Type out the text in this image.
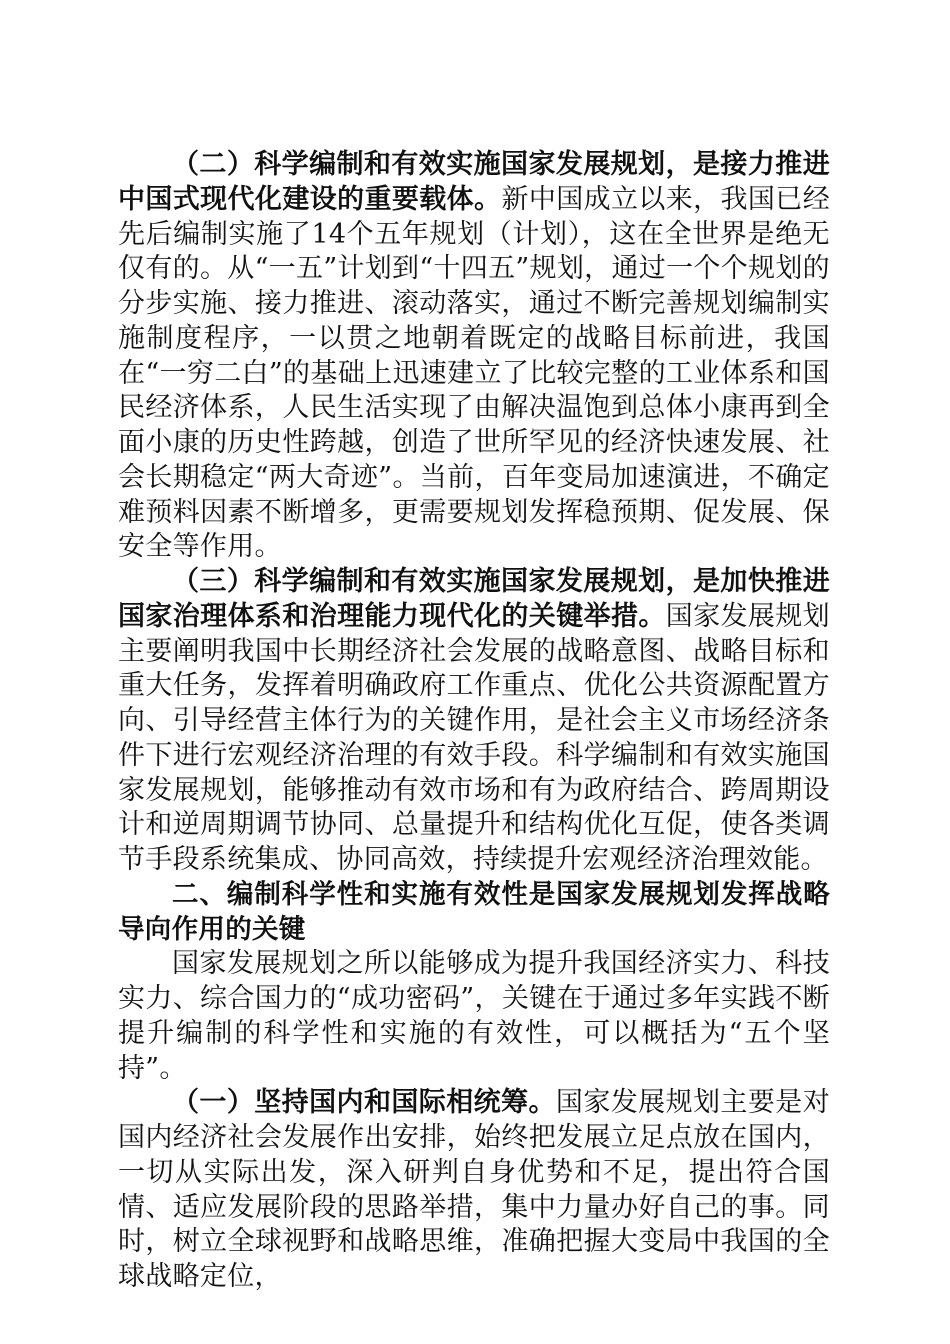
（二）科学编制和有效实施国家发展规划，是接力推进中国式现代化建设的重要载体。新中国成立以来，我国已经先后编制实施了14个五年规划（计划），这在全世界是绝无仅有的。从“一五”计划到“十四五”规划，通过一个个规划的分步实施、接力推进、滚动落实，通过不断完善规划编制实施制度程序，一以贯之地朝着既定的战略目标前进，我国在“一穷二白”的基础上迅速建立了比较完整的工业体系和国民经济体系，人民生活实现了由解决温饱到总体小康再到全面小康的历史性跨越，创造了世所罕见的经济快速发展、社会长期稳定“两大奇迹”。当前，百年变局加速演进，不确定难预料因素不断增多，更需要规划发挥稳预期、促发展、保安全等作用。

（三）科学编制和有效实施国家发展规划，是加快推进国家治理体系和治理能力现代化的关键举措。国家发展规划主要阐明我国中长期经济社会发展的战略意图、战略目标和重大任务，发挥着明确政府工作重点、优化公共资源配置方向、引导经营主体行为的关键作用，是社会主义市场经济条件下进行宏观经济治理的有效手段。科学编制和有效实施国家发展规划，能够推动有效市场和有为政府结合、跨周期设计和逆周期调节协同、总量提升和结构优化互促，使各类调节手段系统集成、协同高效，持续提升宏观经济治理效能。

二、编制科学性和实施有效性是国家发展规划发挥战略导向作用的关键

国家发展规划之所以能够成为提升我国经济实力、科技实力、综合国力的“成功密码”，关键在于通过多年实践不断提升编制的科学性和实施的有效性，可以概括为“五个坚持”。

（一）坚持国内和国际相统筹。国家发展规划主要是对国内经济社会发展作出安排，始终把发展立足点放在国内，一切从实际出发，深入研判自身优势和不足，提出符合国情、适应发展阶段的思路举措，集中力量办好自己的事。同时，树立全球视野和战略思维，准确把握大变局中我国的全球战略定位，
